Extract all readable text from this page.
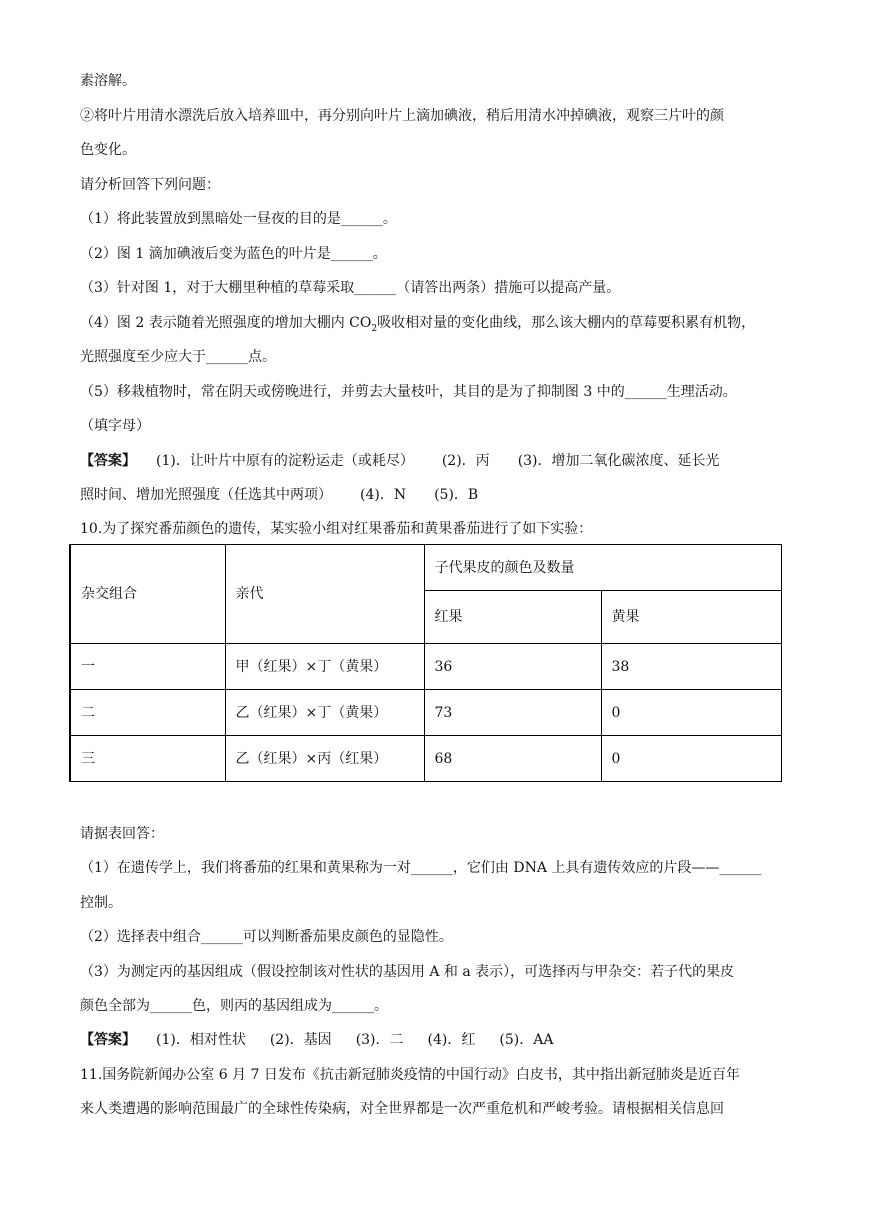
素溶解。
②将叶片用清水漂洗后放入培养皿中，再分别向叶片上滴加碘液，稍后用清水冲掉碘液，观察三片叶的颜
色变化。
请分析回答下列问题：
（1）将此装置放到黑暗处一昼夜的目的是______。
（2）图 1 滴加碘液后变为蓝色的叶片是______。
（3）针对图 1，对于大棚里种植的草莓采取______（请答出两条）措施可以提高产量。
（4）图 2 表示随着光照强度的增加大棚内 $CO_2$吸收相对量的变化曲线，那么该大棚内的草莓要积累有机物，
光照强度至少应大于______点。
（5）移栽植物时，常在阴天或傍晚进行，并剪去大量枝叶，其目的是为了抑制图 3 中的______生理活动。
（填字母）
【答案】 (1)．让叶片中原有的淀粉运走（或耗尽） (2)．丙 (3)．增加二氧化碳浓度、延长光
照时间、增加光照强度（任选其中两项） (4)．N (5)．B
10.为了探究番茄颜色的遗传，某实验小组对红果番茄和黄果番茄进行了如下实验：
杂交组合	亲代	子代果皮的颜色及数量	
		红果	黄果
一	甲（红果）×丁（黄果）	36	38
二	乙（红果）×丁（黄果）	73	0
三	乙（红果）×丙（红果）	68	0
请据表回答：
（1）在遗传学上，我们将番茄的红果和黄果称为一对______，它们由 DNA 上具有遗传效应的片段——______
控制。
（2）选择表中组合______可以判断番茄果皮颜色的显隐性。
（3）为测定丙的基因组成（假设控制该对性状的基因用 A 和 a 表示），可选择丙与甲杂交：若子代的果皮
颜色全部为______色，则丙的基因组成为______。
【答案】 (1)．相对性状 (2)．基因 (3)．二 (4)．红 (5)．AA
11.国务院新闻办公室 6 月 7 日发布《抗击新冠肺炎疫情的中国行动》白皮书，其中指出新冠肺炎是近百年
来人类遭遇的影响范围最广的全球性传染病，对全世界都是一次严重危机和严峻考验。请根据相关信息回
